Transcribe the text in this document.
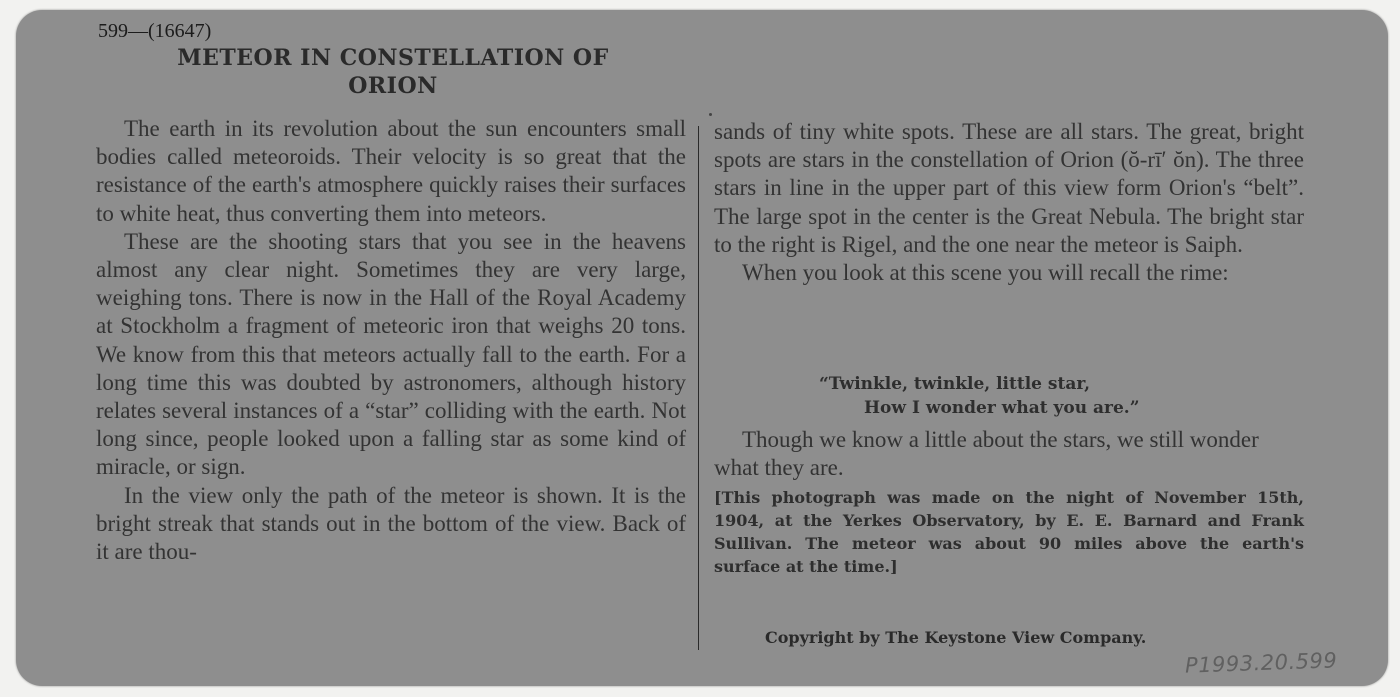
599—(16647)
METEOR IN CONSTELLATION OF
ORION

The earth in its revolution about the sun encounters small bodies called meteoroids. Their velocity is so great that the resistance of the earth's atmosphere quickly raises their surfaces to white heat, thus converting them into meteors.

These are the shooting stars that you see in the heavens almost any clear night. Sometimes they are very large, weighing tons. There is now in the Hall of the Royal Academy at Stockholm a fragment of meteoric iron that weighs 20 tons. We know from this that meteors actually fall to the earth. For a long time this was doubted by astronomers, although history relates several instances of a “star” colliding with the earth. Not long since, people looked upon a falling star as some kind of miracle, or sign.

In the view only the path of the meteor is shown. It is the bright streak that stands out in the bottom of the view. Back of it are thou-

sands of tiny white spots. These are all stars. The great, bright spots are stars in the constellation of Orion (ŏ-rī′ ŏn). The three stars in line in the upper part of this view form Orion's “belt”. The large spot in the center is the Great Nebula. The bright star to the right is Rigel, and the one near the meteor is Saiph.

When you look at this scene you will recall the rime:

“Twinkle, twinkle, little star,
How I wonder what you are.”

Though we know a little about the stars, we still wonder what they are.

[This photograph was made on the night of November 15th, 1904, at the Yerkes Observatory, by E. E. Barnard and Frank Sullivan. The meteor was about 90 miles above the earth's surface at the time.]
Copyright by The Keystone View Company.
P1993.20.599
